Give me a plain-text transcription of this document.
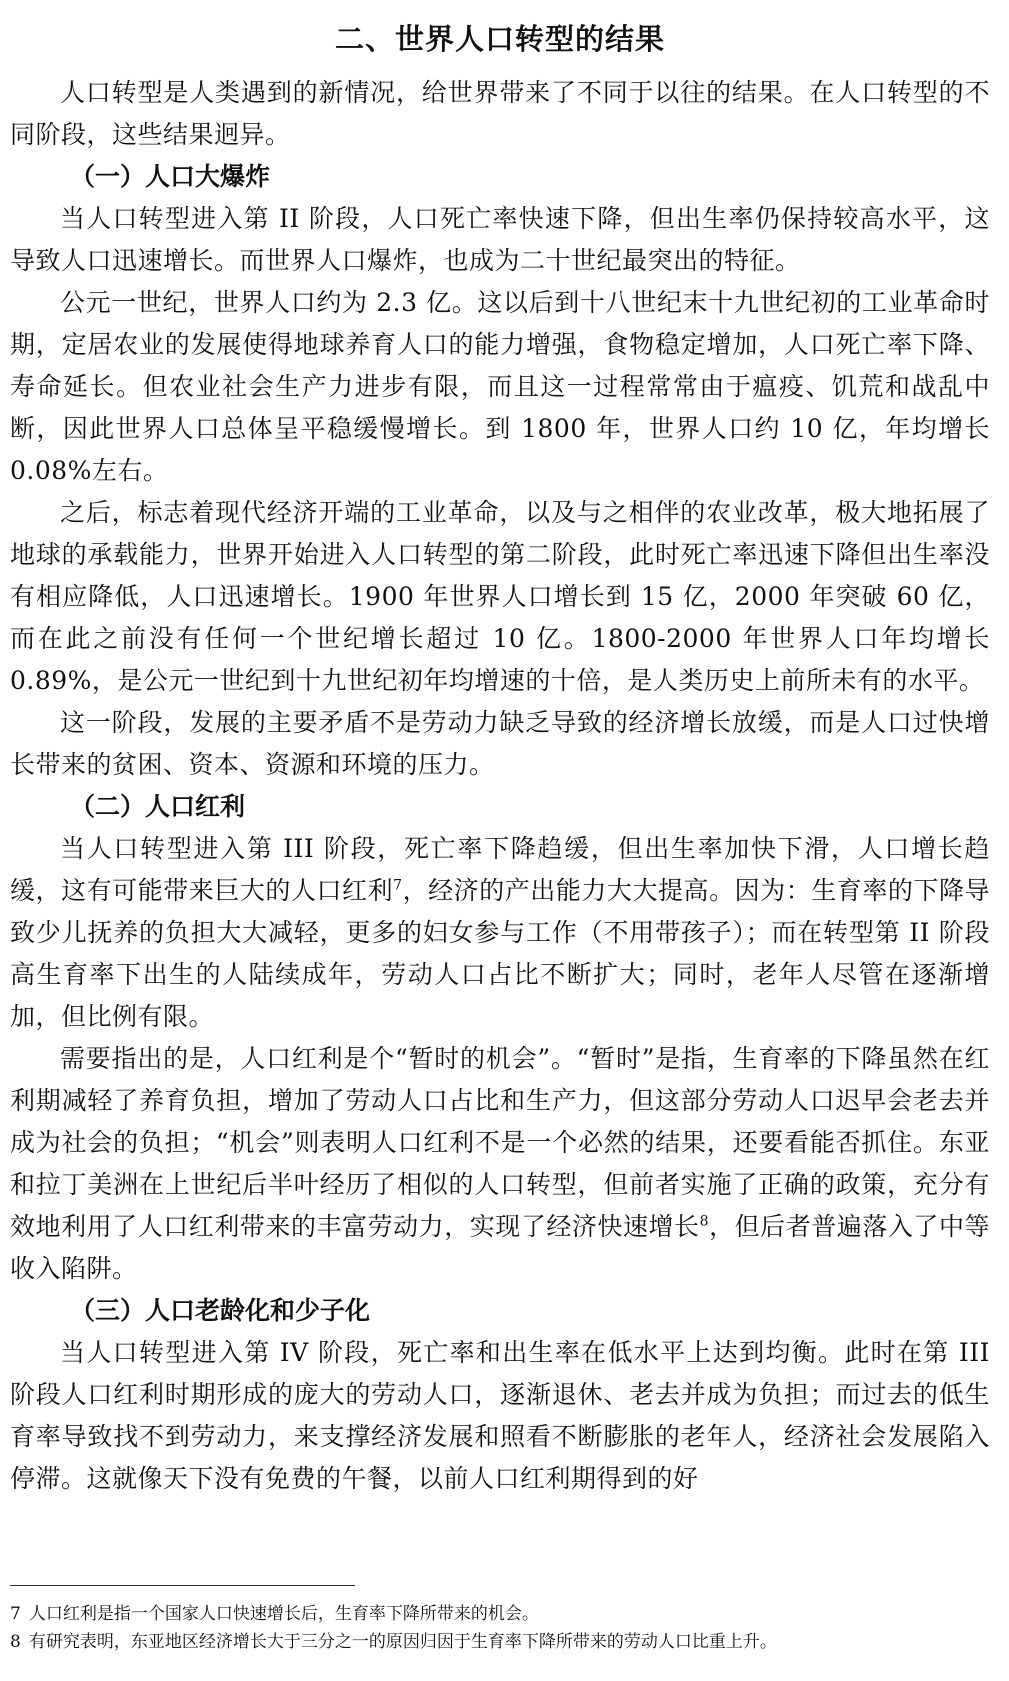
二、世界人口转型的结果

人口转型是人类遇到的新情况，给世界带来了不同于以往的结果。在人口转型的不同阶段，这些结果迥异。

（一）人口大爆炸

当人口转型进入第 II 阶段，人口死亡率快速下降，但出生率仍保持较高水平，这导致人口迅速增长。而世界人口爆炸，也成为二十世纪最突出的特征。

公元一世纪，世界人口约为 2.3 亿。这以后到十八世纪末十九世纪初的工业革命时期，定居农业的发展使得地球养育人口的能力增强，食物稳定增加，人口死亡率下降、寿命延长。但农业社会生产力进步有限，而且这一过程常常由于瘟疫、饥荒和战乱中断，因此世界人口总体呈平稳缓慢增长。到 1800 年，世界人口约 10 亿，年均增长 0.08%左右。

之后，标志着现代经济开端的工业革命，以及与之相伴的农业改革，极大地拓展了地球的承载能力，世界开始进入人口转型的第二阶段，此时死亡率迅速下降但出生率没有相应降低，人口迅速增长。1900 年世界人口增长到 15 亿，2000 年突破 60 亿，而在此之前没有任何一个世纪增长超过 10 亿。1800-2000 年世界人口年均增长 0.89%，是公元一世纪到十九世纪初年均增速的十倍，是人类历史上前所未有的水平。

这一阶段，发展的主要矛盾不是劳动力缺乏导致的经济增长放缓，而是人口过快增长带来的贫困、资本、资源和环境的压力。

（二）人口红利

当人口转型进入第 III 阶段，死亡率下降趋缓，但出生率加快下滑，人口增长趋缓，这有可能带来巨大的人口红利$^7$，经济的产出能力大大提高。因为：生育率的下降导致少儿抚养的负担大大减轻，更多的妇女参与工作（不用带孩子）；而在转型第 II 阶段高生育率下出生的人陆续成年，劳动人口占比不断扩大；同时，老年人尽管在逐渐增加，但比例有限。

需要指出的是，人口红利是个“暂时的机会”。“暂时”是指，生育率的下降虽然在红利期减轻了养育负担，增加了劳动人口占比和生产力，但这部分劳动人口迟早会老去并成为社会的负担；“机会”则表明人口红利不是一个必然的结果，还要看能否抓住。东亚和拉丁美洲在上世纪后半叶经历了相似的人口转型，但前者实施了正确的政策，充分有效地利用了人口红利带来的丰富劳动力，实现了经济快速增长$^8$，但后者普遍落入了中等收入陷阱。

（三）人口老龄化和少子化

当人口转型进入第 IV 阶段，死亡率和出生率在低水平上达到均衡。此时在第 III 阶段人口红利时期形成的庞大的劳动人口，逐渐退休、老去并成为负担；而过去的低生育率导致找不到劳动力，来支撑经济发展和照看不断膨胀的老年人，经济社会发展陷入停滞。这就像天下没有免费的午餐，以前人口红利期得到的好

7 人口红利是指一个国家人口快速增长后，生育率下降所带来的机会。

8 有研究表明，东亚地区经济增长大于三分之一的原因归因于生育率下降所带来的劳动人口比重上升。
